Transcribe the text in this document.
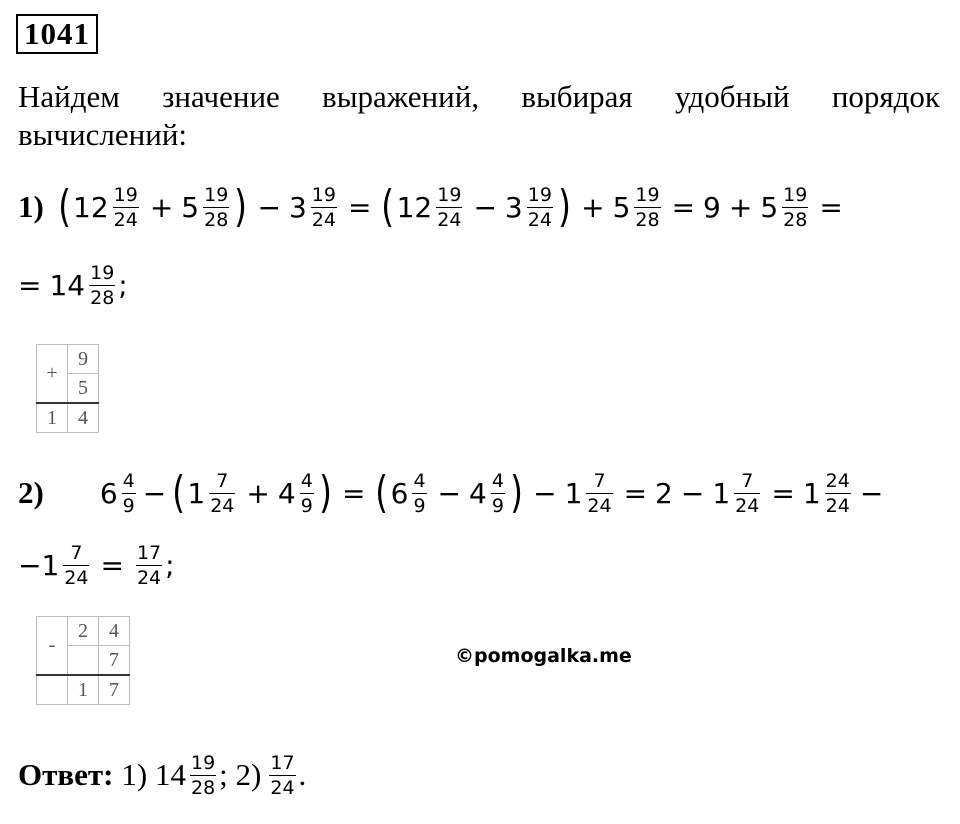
1041
Найдем значение выражений, выбирая удобный порядок
вычислений:
1) ( $12 \frac{19}{24} + 5 \frac{19}{28}$ ) − $3 \frac{19}{24}$ = ( $12 \frac{19}{24} - 3 \frac{19}{24}$ ) + $5 \frac{19}{28} = 9 + 5 \frac{19}{28}$ =
= $14 \frac{19}{28}$ ;
+	9
	5
1	4
2) $6 \frac{4}{9}$ − ( $1 \frac{7}{24} + 4 \frac{4}{9}$ ) = ( $6 \frac{4}{9} - 4 \frac{4}{9}$ ) − $1 \frac{7}{24} = 2 - 1 \frac{7}{24} = 1 \frac{24}{24}$ −
− $1 \frac{7}{24} = \frac{17}{24}$ ;
-	2	4
		7
	1	7
©pomogalka.me
Ответ: 1) $14 \frac{19}{28}$ ; $2) \frac{17}{24}$ .
